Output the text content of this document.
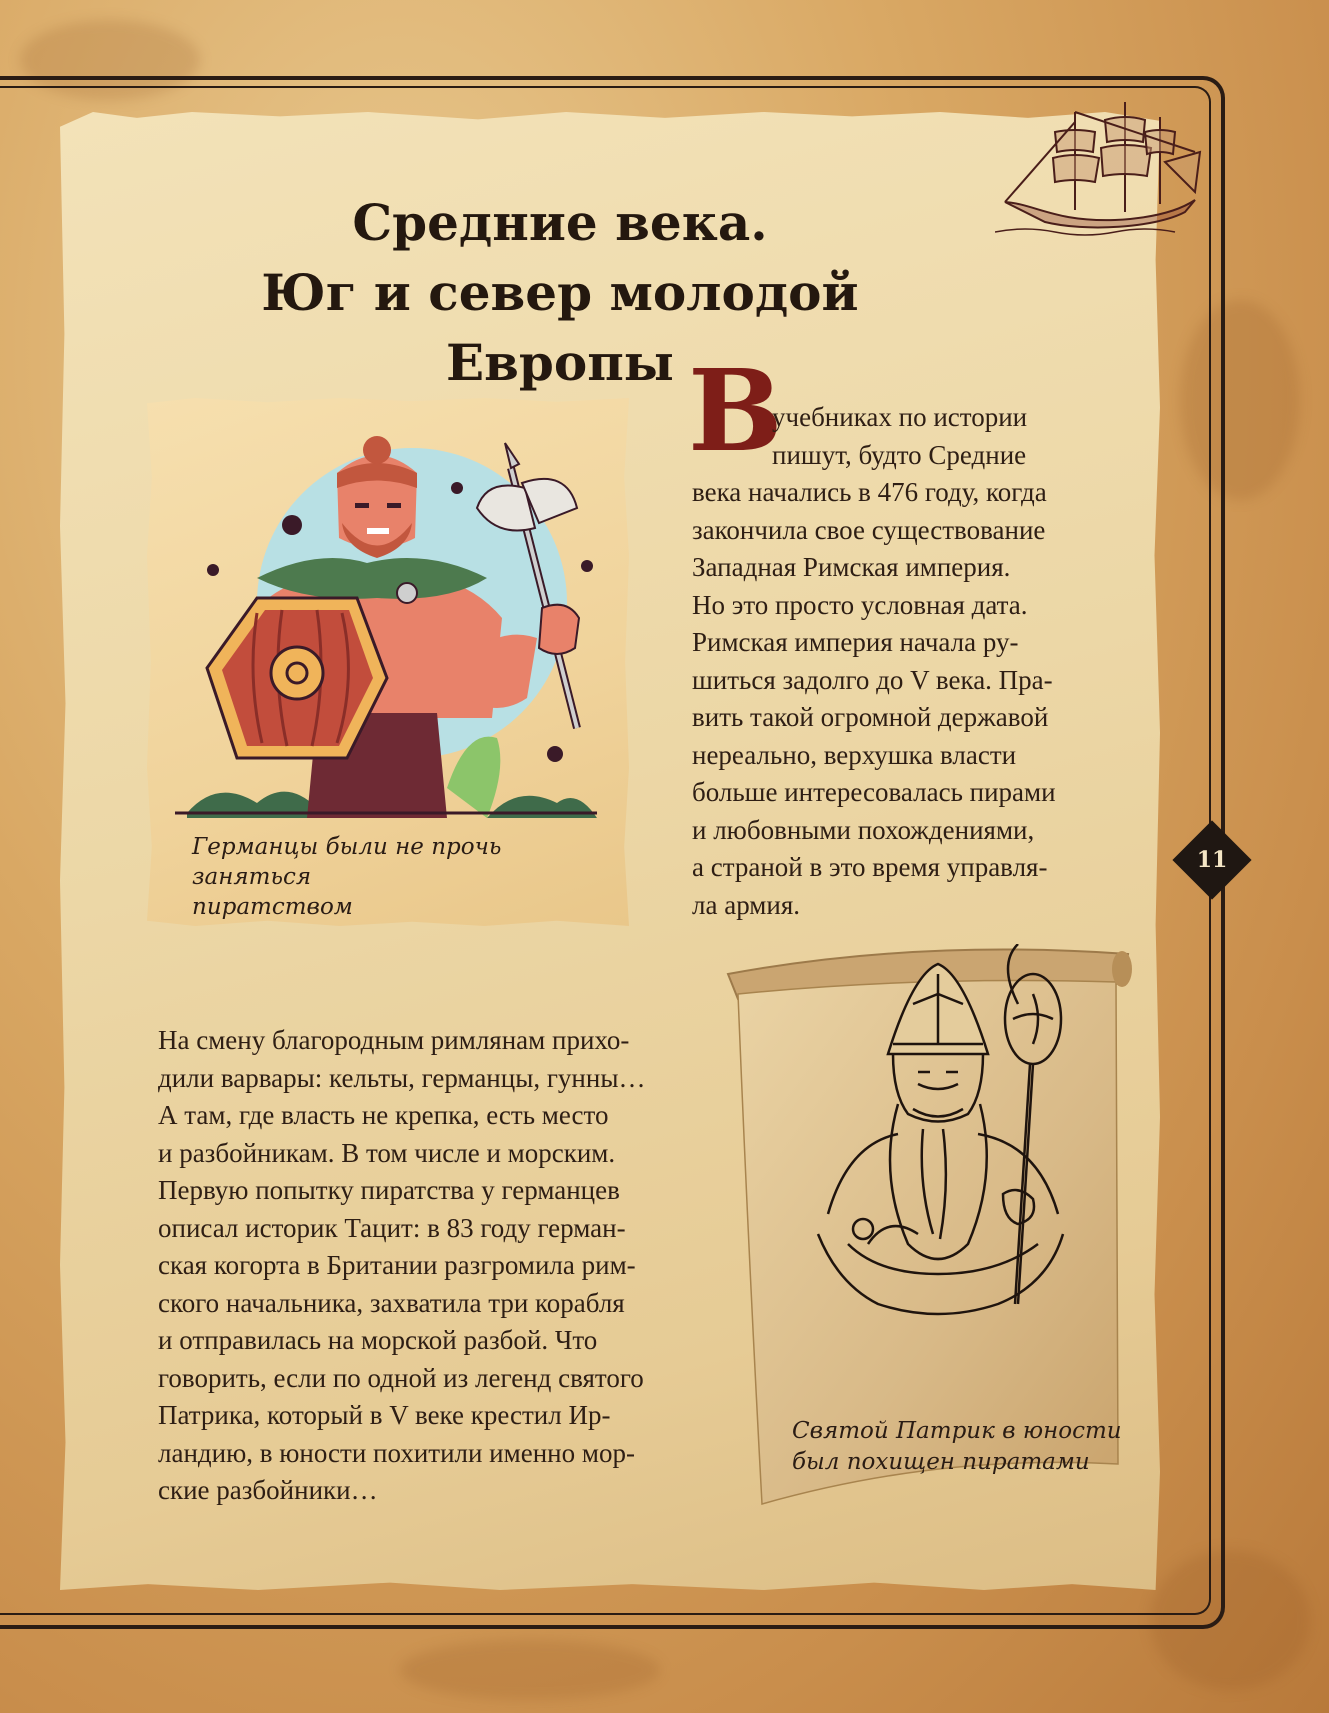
Средние века.
Юг и север молодой Европы
Германцы были не прочь заняться
пиратством
В
учебниках по истории
пишут, будто Средние
века начались в 476 году, когда
закончила свое существование
Западная Римская империя.
Но это просто условная дата.
Римская империя начала ру-
шиться задолго до V века. Пра-
вить такой огромной державой
нереально, верхушка власти
больше интересовалась пирами
и любовными похождениями,
а страной в это время управля-
ла армия.
На смену благородным римлянам прихо-
дили варвары: кельты, германцы, гунны…
А там, где власть не крепка, есть место
и разбойникам. В том числе и морским.
Первую попытку пиратства у германцев
описал историк Тацит: в 83 году герман-
ская когорта в Британии разгромила рим-
ского начальника, захватила три корабля
и отправилась на морской разбой. Что
говорить, если по одной из легенд святого
Патрика, который в V веке крестил Ир-
ландию, в юности похитили именно мор-
ские разбойники…
Святой Патрик в юности
был похищен пиратами
11
